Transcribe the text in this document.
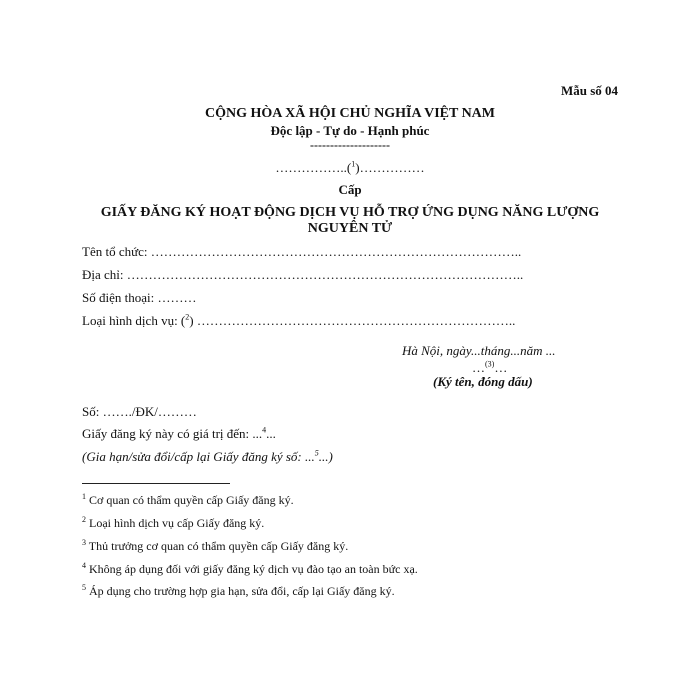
Mẫu số 04
CỘNG HÒA XÃ HỘI CHỦ NGHĨA VIỆT NAM
Độc lập - Tự do - Hạnh phúc
--------------------
……………..($^1$)……………
Cấp
GIẤY ĐĂNG KÝ HOẠT ĐỘNG DỊCH VỤ HỖ TRỢ ỨNG DỤNG NĂNG LƯỢNG
NGUYÊN TỬ
Tên tổ chức: …………………………………………………………………………..
Địa chỉ: ………………………………………………………………………………..
Số điện thoại: ………
Loại hình dịch vụ: ($^2$) ………………………………………………………………..
Hà Nội, ngày...tháng...năm ...
…$^{(3)}$…
(Ký tên, đóng dấu)
Số: ……./ĐK/………
Giấy đăng ký này có giá trị đến: ...$^4$...
(Gia hạn/sửa đổi/cấp lại Giấy đăng ký số: ...$^5$...)
$^1$ Cơ quan có thẩm quyền cấp Giấy đăng ký.
$^2$ Loại hình dịch vụ cấp Giấy đăng ký.
$^3$ Thủ trưởng cơ quan có thẩm quyền cấp Giấy đăng ký.
$^4$ Không áp dụng đối với giấy đăng ký dịch vụ đào tạo an toàn bức xạ.
$^5$ Áp dụng cho trường hợp gia hạn, sửa đổi, cấp lại Giấy đăng ký.
